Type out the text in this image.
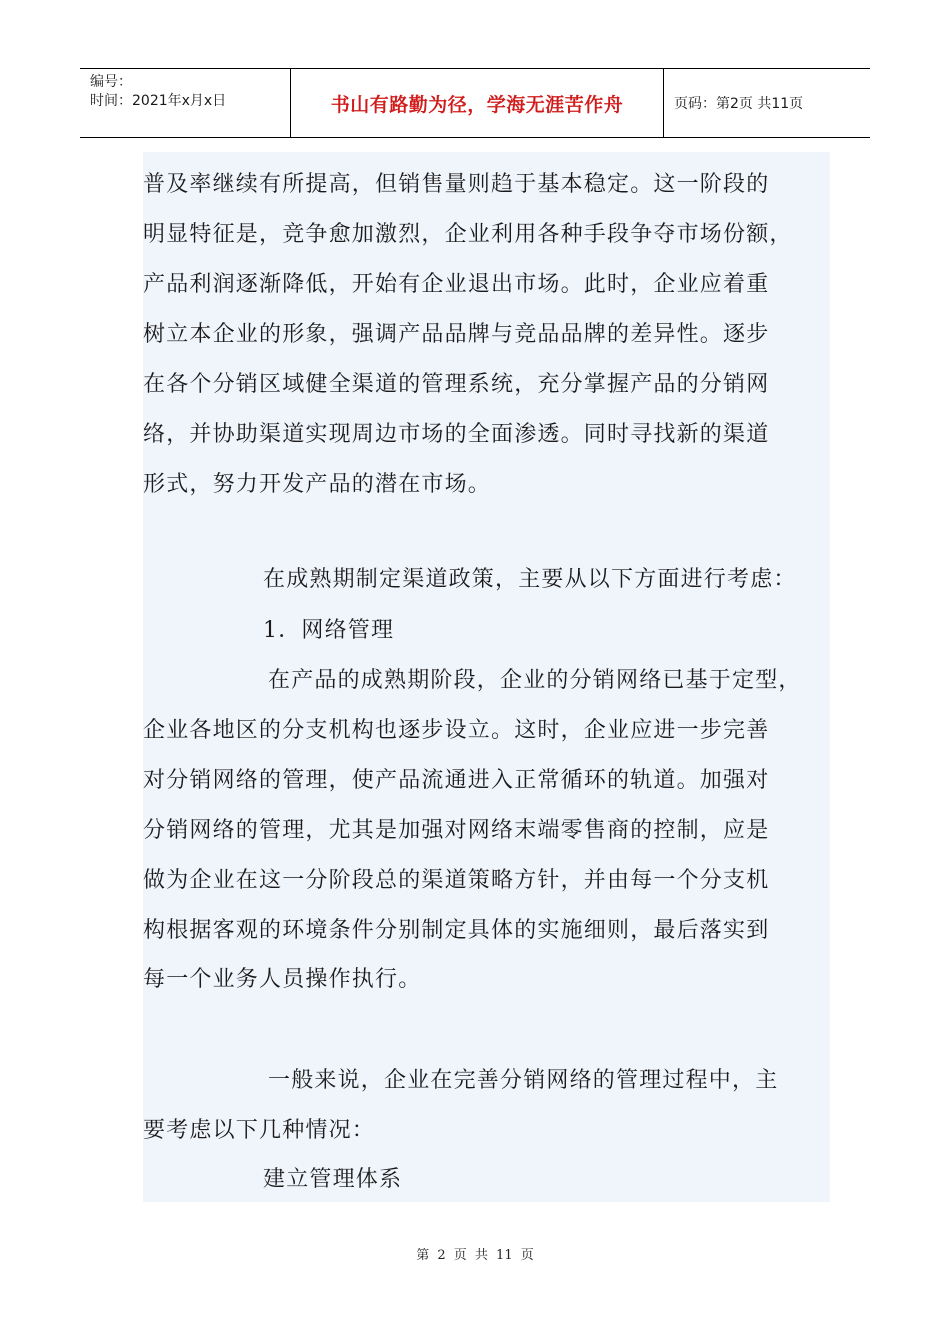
编号：
时间：2021年x月x日	书山有路勤为径，学海无涯苦作舟	页码：第2页 共11页
普及率继续有所提高，但销售量则趋于基本稳定。这一阶段的
明显特征是，竞争愈加激烈，企业利用各种手段争夺市场份额，
产品利润逐渐降低，开始有企业退出市场。此时，企业应着重
树立本企业的形象，强调产品品牌与竞品品牌的差异性。逐步
在各个分销区域健全渠道的管理系统，充分掌握产品的分销网
络，并协助渠道实现周边市场的全面渗透。同时寻找新的渠道
形式，努力开发产品的潜在市场。
在成熟期制定渠道政策，主要从以下方面进行考虑：
1．网络管理
在产品的成熟期阶段，企业的分销网络已基于定型，
企业各地区的分支机构也逐步设立。这时，企业应进一步完善
对分销网络的管理，使产品流通进入正常循环的轨道。加强对
分销网络的管理，尤其是加强对网络末端零售商的控制，应是
做为企业在这一分阶段总的渠道策略方针，并由每一个分支机
构根据客观的环境条件分别制定具体的实施细则，最后落实到
每一个业务人员操作执行。
一般来说，企业在完善分销网络的管理过程中，主
要考虑以下几种情况：
建立管理体系
第 2 页 共 11 页
